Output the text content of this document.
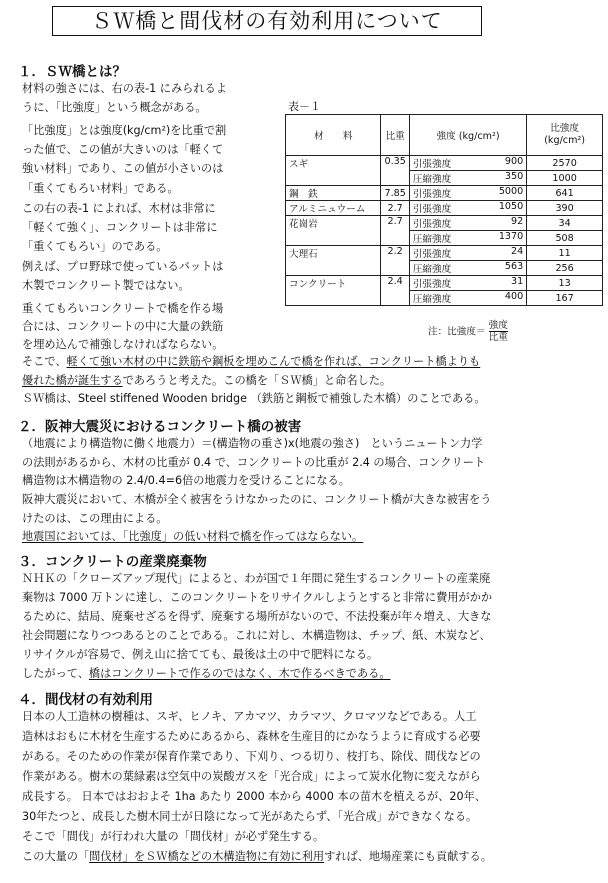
ＳＷ橋と間伐材の有効利用について
１．ＳＷ橋とは？
材料の強さには、右の表-1 にみられるよ
うに、「比強度」という概念がある。
「比強度」とは強度(kg/cm²)を比重で割
った値で、この値が大きいのは「軽くて
強い材料」であり、この値が小さいのは
「重くてもろい材料」である。
この右の表-1 によれば、木材は非常に
「軽くて強く」、コンクリートは非常に
「重くてもろい」のである。
例えば、プロ野球で使っているバットは
木製でコンクリート製ではない。
重くてもろいコンクリートで橋を作る場
合には、コンクリートの中に大量の鉄筋
を埋め込んで補強しなければならない。
そこで、軽くて強い木材の中に鉄筋や鋼板を埋めこんで橋を作れば、コンクリート橋よりも
優れた橋が誕生するであろうと考えた。この橋を「ＳＷ橋」と命名した。
ＳＷ橋は、Steel stiffened Wooden bridge （鉄筋と鋼板で補強した木橋）のことである。
表－１
材　　料	比重	強度 (kg/cm²)	比強度
(kg/cm²)
スギ	0.35	引張強度 900	2570
		圧縮強度 350	1000
鋼　鉄	7.85	引張強度 5000	641
アルミニュウーム	2.7	引張強度 1050	390
花崗岩	2.7	引張強度 92	34
		圧縮強度 1370	508
大理石	2.2	引張強度 24	11
		圧縮強度 563	256
コンクリート	2.4	引張強度 31	13
		圧縮強度 400	167
注：比強度＝ $\frac{\text{強度}}{\text{比重}}$
２．阪神大震災におけるコンクリート橋の被害
（地震により構造物に働く地震力）＝(構造物の重さ)x(地震の強さ)　というニュートン力学
の法則があるから、木材の比重が 0.4 で、コンクリートの比重が 2.4 の場合、コンクリート
構造物は木構造物の 2.4/0.4=6倍の地震力を受けることになる。
阪神大震災において、木橋が全く被害をうけなかったのに、コンクリート橋が大きな被害をう
けたのは、この理由による。
地震国においては、「比強度」の低い材料で橋を作ってはならない。
３．コンクリートの産業廃棄物
ＮＨＫの「クローズアップ現代」によると、わが国で１年間に発生するコンクリートの産業廃
棄物は 7000 万トンに達し、このコンクリートをリサイクルしようとすると非常に費用がかか
るために、結局、廃棄せざるを得ず、廃棄する場所がないので、不法投棄が年々増え、大きな
社会問題になりつつあるとのことである。これに対し、木構造物は、チップ、紙、木炭など、
リサイクルが容易で、例え山に捨てても、最後は土の中で肥料になる。
したがって、橋はコンクリートで作るのではなく、木で作るべきである。
４．間伐材の有効利用
日本の人工造林の樹種は、スギ、ヒノキ、アカマツ、カラマツ、クロマツなどである。人工
造林はおもに木材を生産するためにあるから、森林を生産目的にかなうように育成する必要
がある。そのための作業が保育作業であり、下刈り、つる切り、枝打ち、除伐、間伐などの
作業がある。樹木の葉緑素は空気中の炭酸ガスを「光合成」によって炭水化物に変えながら
成長する。 日本ではおおよそ 1ha あたり 2000 本から 4000 本の苗木を植えるが、20年、
30年たつと、成長した樹木同士が日陰になって光があたらず、「光合成」ができなくなる。
そこで「間伐」が行われ大量の「間伐材」が必ず発生する。
この大量の「間伐材」をＳＷ橋などの木構造物に有効に利用すれば、地場産業にも貢献する。
